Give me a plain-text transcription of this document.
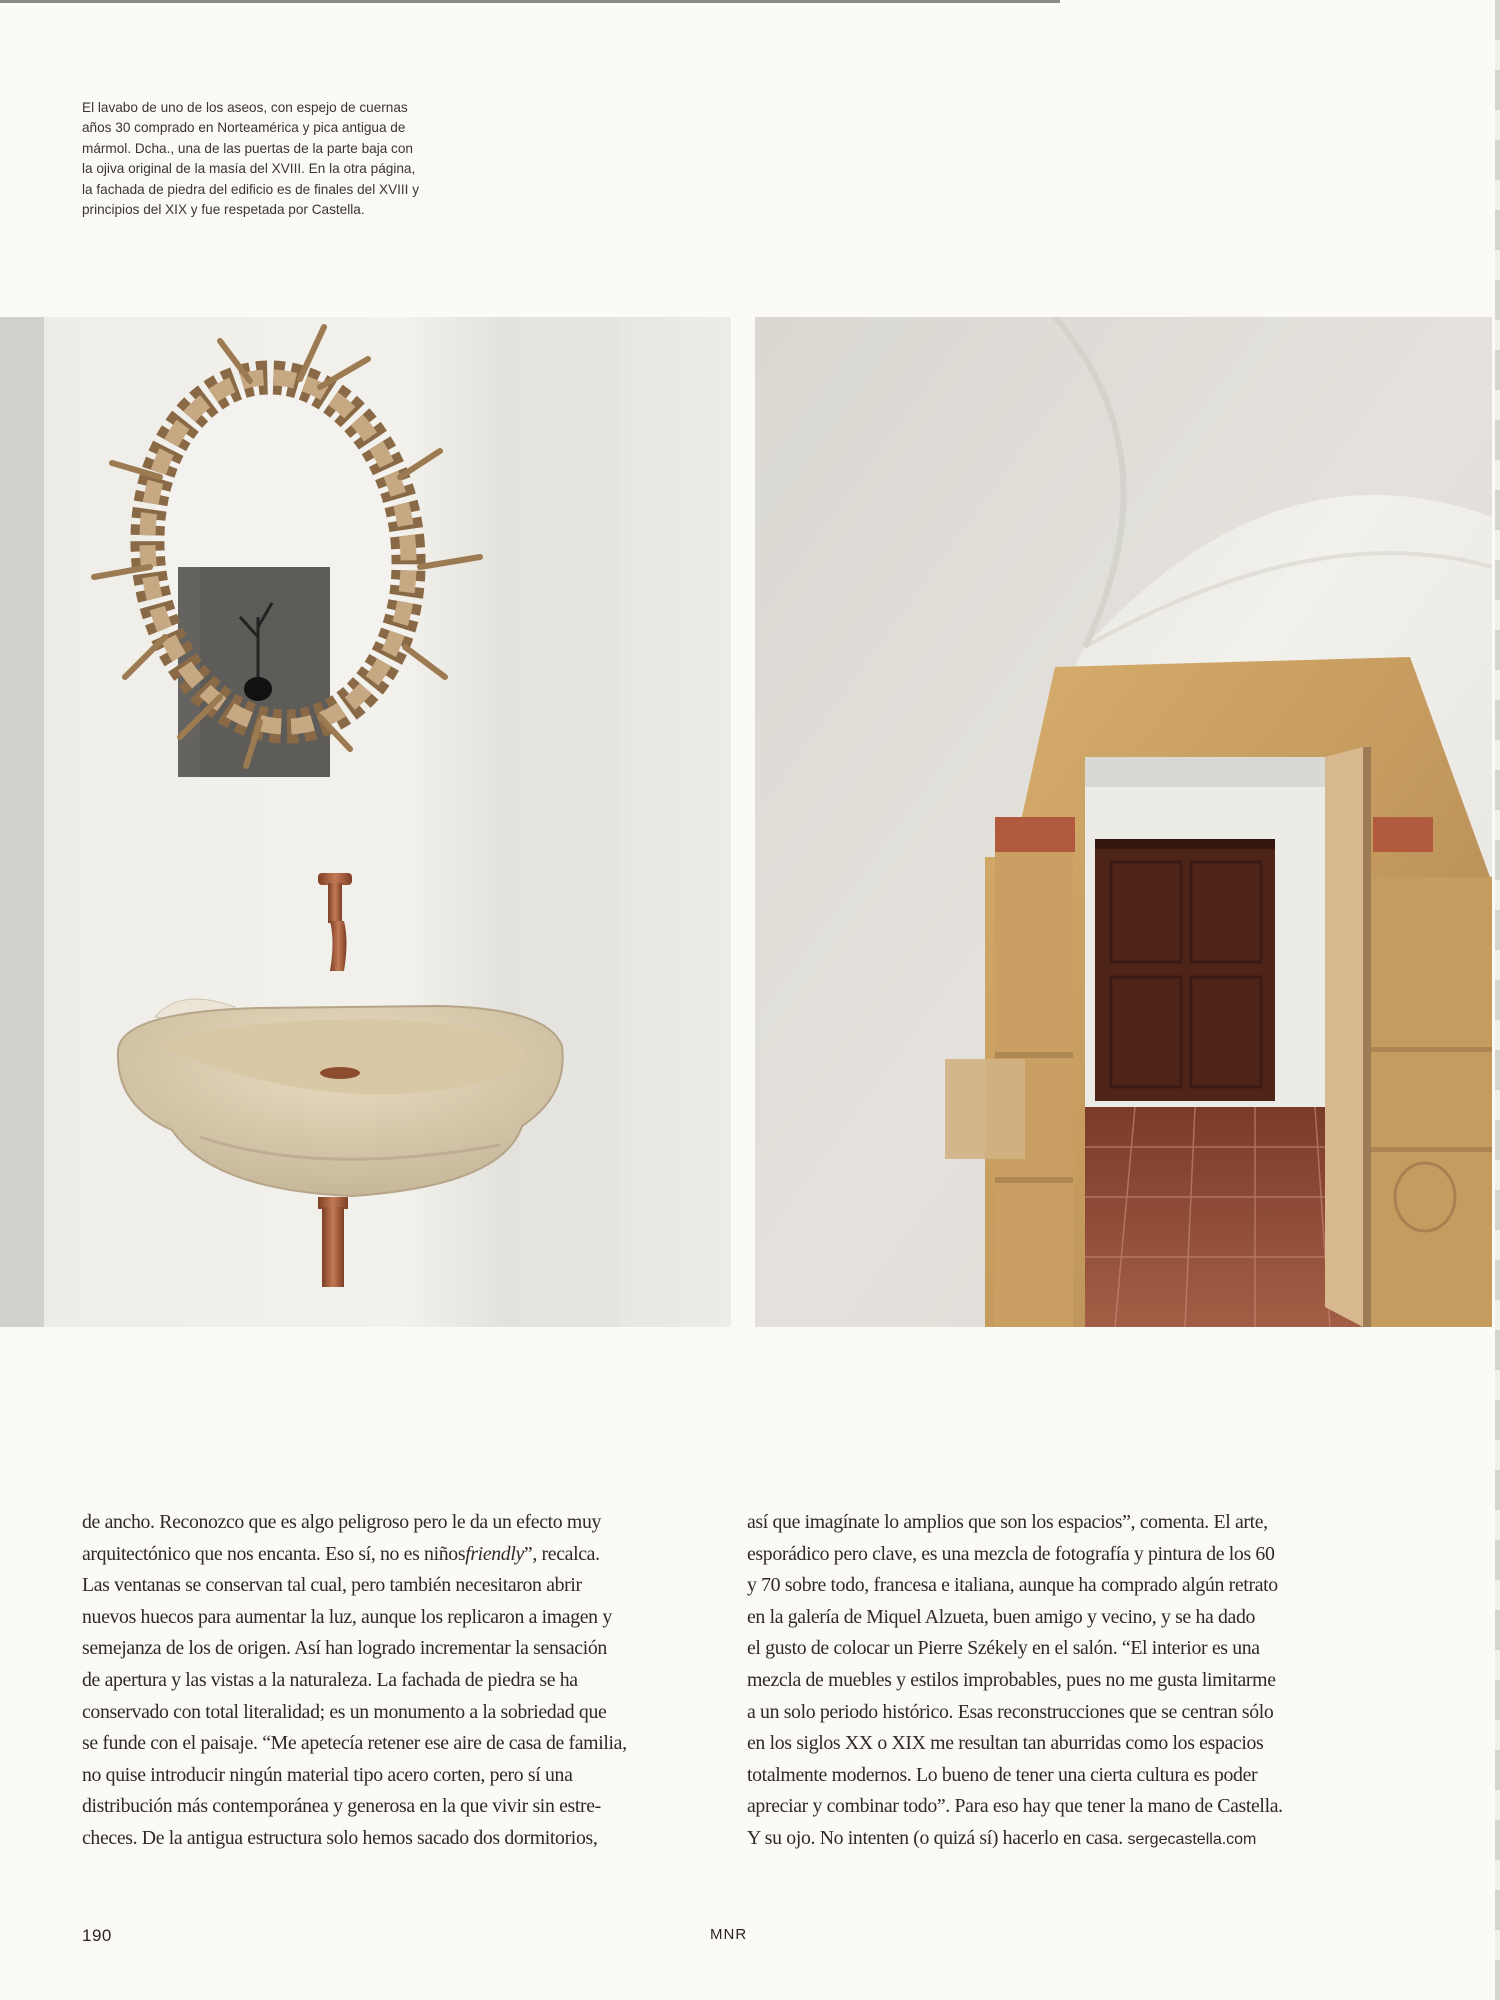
El lavabo de uno de los aseos, con espejo de cuernas
años 30 comprado en Norteamérica y pica antigua de
mármol. Dcha., una de las puertas de la parte baja con
la ojiva original de la masía del XVIII. En la otra página,
la fachada de piedra del edificio es de finales del XVIII y
principios del XIX y fue respetada por Castella.

de ancho. Reconozco que es algo peligroso pero le da un efecto muy
arquitectónico que nos encanta. Eso sí, no es niñosfriendly”, recalca.
Las ventanas se conservan tal cual, pero también necesitaron abrir
nuevos huecos para aumentar la luz, aunque los replicaron a imagen y
semejanza de los de origen. Así han logrado incrementar la sensación
de apertura y las vistas a la naturaleza. La fachada de piedra se ha
conservado con total literalidad; es un monumento a la sobriedad que
se funde con el paisaje. “Me apetecía retener ese aire de casa de familia,
no quise introducir ningún material tipo acero corten, pero sí una
distribución más contemporánea y generosa en la que vivir sin estre-
checes. De la antigua estructura solo hemos sacado dos dormitorios,

así que imagínate lo amplios que son los espacios”, comenta. El arte,
esporádico pero clave, es una mezcla de fotografía y pintura de los 60
y 70 sobre todo, francesa e italiana, aunque ha comprado algún retrato
en la galería de Miquel Alzueta, buen amigo y vecino, y se ha dado
el gusto de colocar un Pierre Székely en el salón. “El interior es una
mezcla de muebles y estilos improbables, pues no me gusta limitarme
a un solo periodo histórico. Esas reconstrucciones que se centran sólo
en los siglos XX o XIX me resultan tan aburridas como los espacios
totalmente modernos. Lo bueno de tener una cierta cultura es poder
apreciar y combinar todo”. Para eso hay que tener la mano de Castella.
Y su ojo. No intenten (o quizá sí) hacerlo en casa. sergecastella.com

190	MNR
